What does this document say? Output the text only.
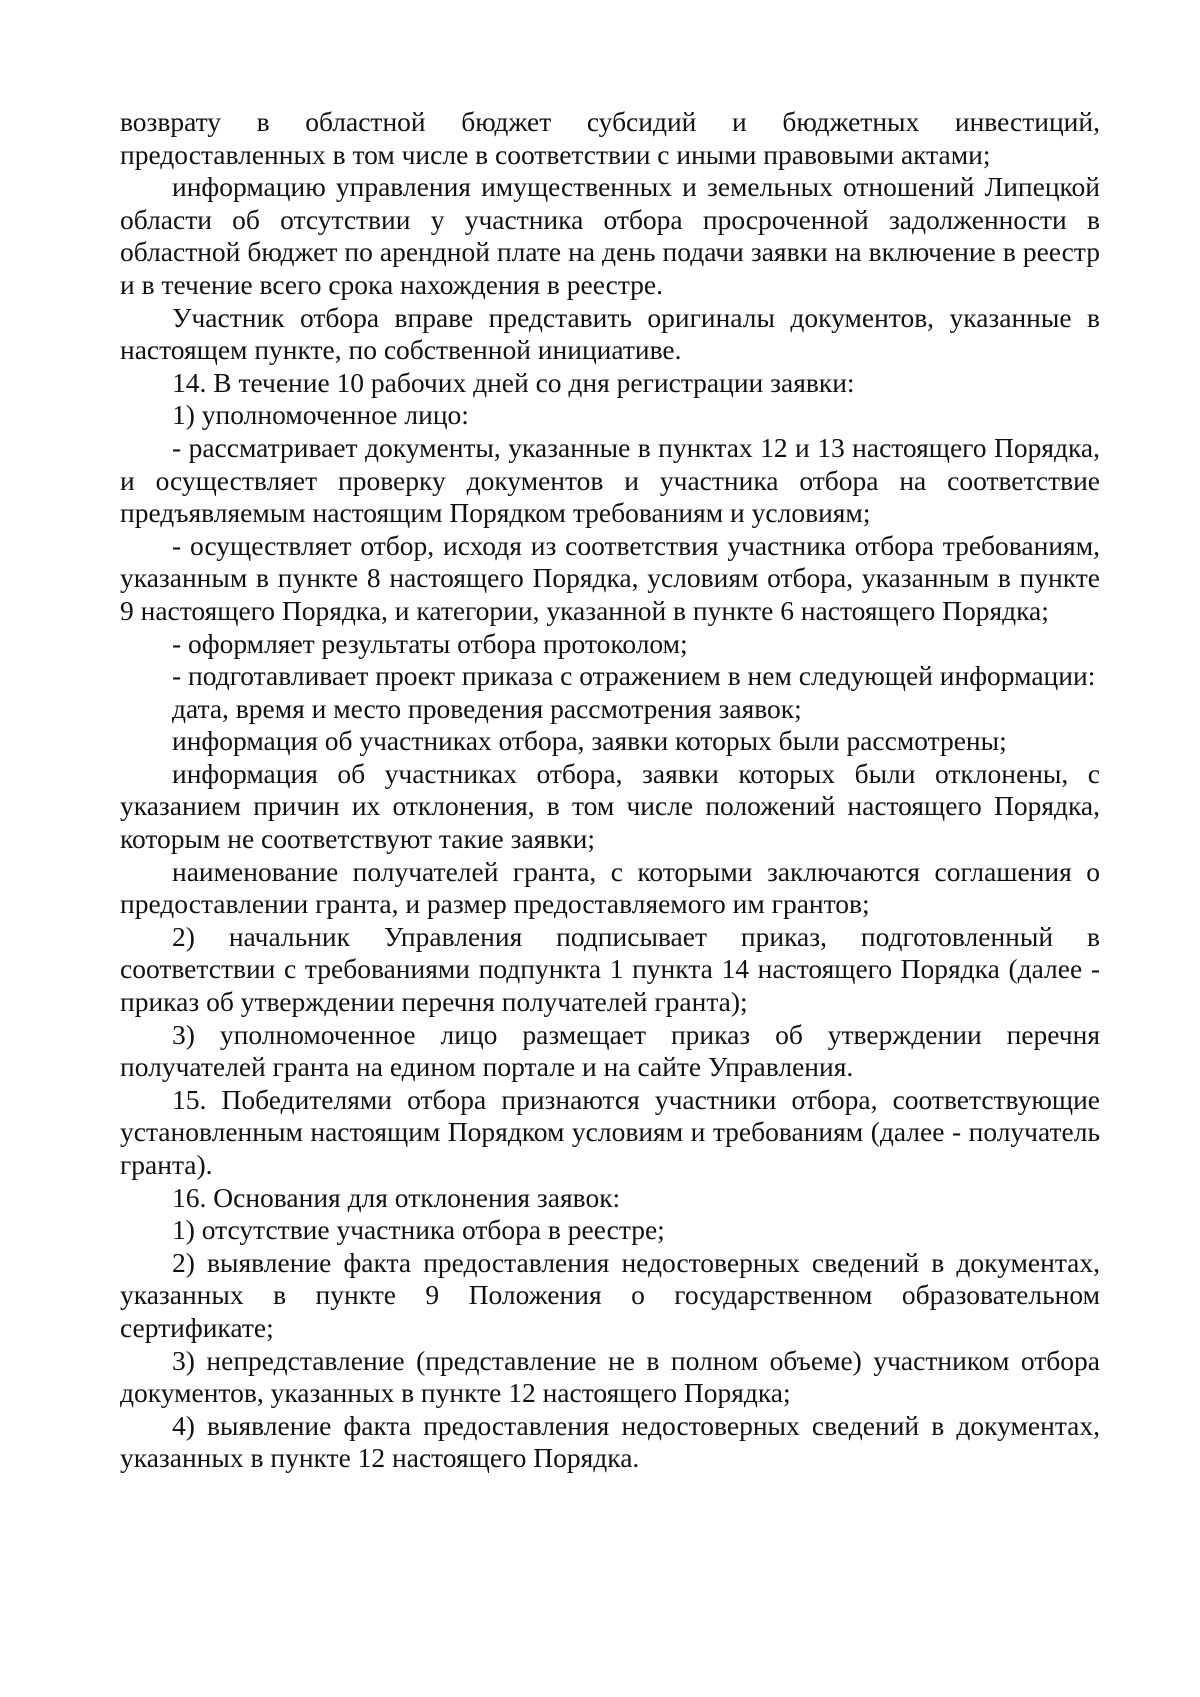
возврату в областной бюджет субсидий и бюджетных инвестиций, предоставленных в том числе в соответствии с иными правовыми актами;

информацию управления имущественных и земельных отношений Липецкой области об отсутствии у участника отбора просроченной задолженности в областной бюджет по арендной плате на день подачи заявки на включение в реестр и в течение всего срока нахождения в реестре.

Участник отбора вправе представить оригиналы документов, указанные в настоящем пункте, по собственной инициативе.

14. В течение 10 рабочих дней со дня регистрации заявки:

1) уполномоченное лицо:

- рассматривает документы, указанные в пунктах 12 и 13 настоящего Порядка, и осуществляет проверку документов и участника отбора на соответствие предъявляемым настоящим Порядком требованиям и условиям;

- осуществляет отбор, исходя из соответствия участника отбора требованиям, указанным в пункте 8 настоящего Порядка, условиям отбора, указанным в пункте 9 настоящего Порядка, и категории, указанной в пункте 6 настоящего Порядка;

- оформляет результаты отбора протоколом;

- подготавливает проект приказа с отражением в нем следующей информации:

дата, время и место проведения рассмотрения заявок;

информация об участниках отбора, заявки которых были рассмотрены;

информация об участниках отбора, заявки которых были отклонены, с указанием причин их отклонения, в том числе положений настоящего Порядка, которым не соответствуют такие заявки;

наименование получателей гранта, с которыми заключаются соглашения о предоставлении гранта, и размер предоставляемого им грантов;

2) начальник Управления подписывает приказ, подготовленный в соответствии с требованиями подпункта 1 пункта 14 настоящего Порядка (далее - приказ об утверждении перечня получателей гранта);

3) уполномоченное лицо размещает приказ об утверждении перечня получателей гранта на едином портале и на сайте Управления.

15. Победителями отбора признаются участники отбора, соответствующие установленным настоящим Порядком условиям и требованиям (далее - получатель гранта).

16. Основания для отклонения заявок:

1) отсутствие участника отбора в реестре;

2) выявление факта предоставления недостоверных сведений в документах, указанных в пункте 9 Положения о государственном образовательном сертификате;

3) непредставление (представление не в полном объеме) участником отбора документов, указанных в пункте 12 настоящего Порядка;

4) выявление факта предоставления недостоверных сведений в документах, указанных в пункте 12 настоящего Порядка.
